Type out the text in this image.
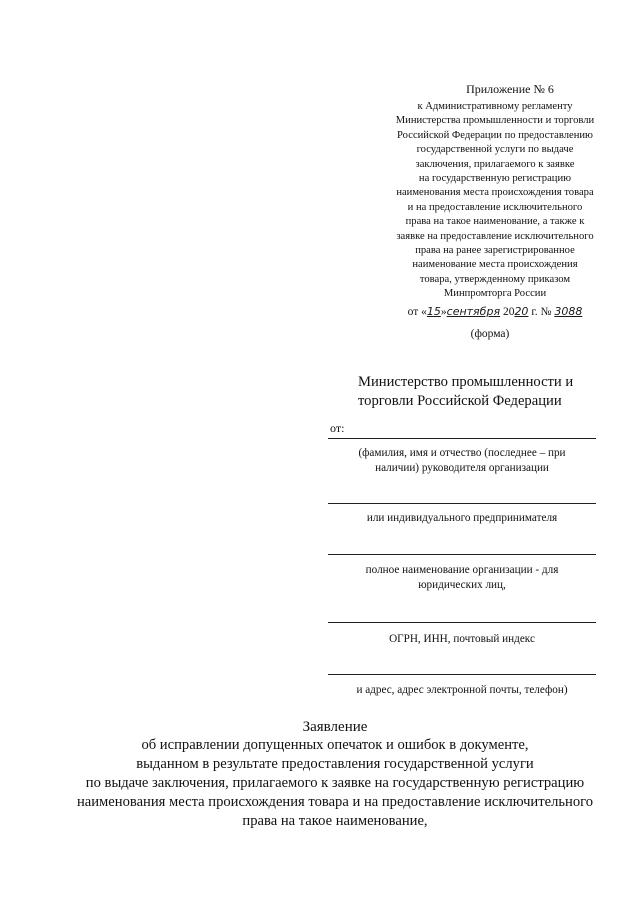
Приложение № 6
к Административному регламенту
Министерства промышленности и торговли
Российской Федерации по предоставлению
государственной услуги по выдаче
заключения, прилагаемого к заявке
на государственную регистрацию
наименования места происхождения товара
и на предоставление исключительного
права на такое наименование, а также к
заявке на предоставление исключительного
права на ранее зарегистрированное
наименование места происхождения
товара, утвержденному приказом
Минпромторга России
от «15»сентября 2020 г. № 3088
(форма)
Министерство промышленности и
торговли Российской Федерации
от:
(фамилия, имя и отчество (последнее – при
наличии) руководителя организации
или индивидуального предпринимателя
полное наименование организации - для
юридических лиц,
ОГРН, ИНН, почтовый индекс
и адрес, адрес электронной почты, телефон)
Заявление
об исправлении допущенных опечаток и ошибок в документе,
выданном в результате предоставления государственной услуги
по выдаче заключения, прилагаемого к заявке на государственную регистрацию
наименования места происхождения товара и на предоставление исключительного
права на такое наименование,
